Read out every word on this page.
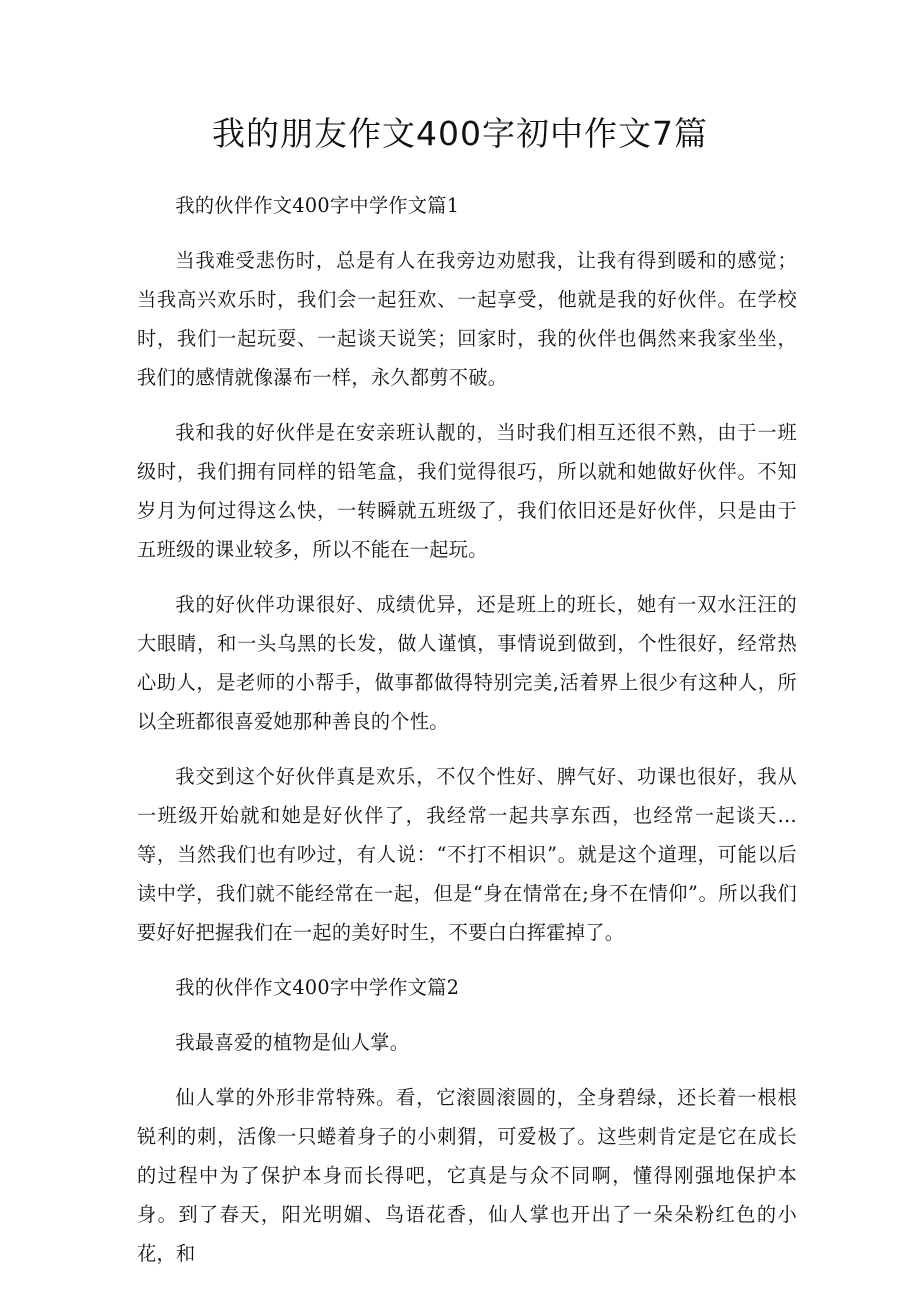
我的朋友作文400字初中作文7篇

我的伙伴作文400字中学作文篇1

当我难受悲伤时，总是有人在我旁边劝慰我，让我有得到暖和的感觉；当我高兴欢乐时，我们会一起狂欢、一起享受，他就是我的好伙伴。在学校时，我们一起玩耍、一起谈天说笑；回家时，我的伙伴也偶然来我家坐坐，我们的感情就像瀑布一样，永久都剪不破。

我和我的好伙伴是在安亲班认靓的，当时我们相互还很不熟，由于一班级时，我们拥有同样的铅笔盒，我们觉得很巧，所以就和她做好伙伴。不知岁月为何过得这么快，一转瞬就五班级了，我们依旧还是好伙伴，只是由于五班级的课业较多，所以不能在一起玩。

我的好伙伴功课很好、成绩优异，还是班上的班长，她有一双水汪汪的大眼睛，和一头乌黑的长发，做人谨慎，事情说到做到，个性很好，经常热心助人，是老师的小帮手，做事都做得特别完美,活着界上很少有这种人，所以全班都很喜爱她那种善良的个性。

我交到这个好伙伴真是欢乐，不仅个性好、脾气好、功课也很好，我从一班级开始就和她是好伙伴了，我经常一起共享东西，也经常一起谈天…等，当然我们也有吵过，有人说：“不打不相识”。就是这个道理，可能以后读中学，我们就不能经常在一起，但是“身在情常在;身不在情仰”。所以我们要好好把握我们在一起的美好时生，不要白白挥霍掉了。

我的伙伴作文400字中学作文篇2

我最喜爱的植物是仙人掌。

仙人掌的外形非常特殊。看，它滚圆滚圆的，全身碧绿，还长着一根根锐利的刺，活像一只蜷着身子的小刺猬，可爱极了。这些刺肯定是它在成长的过程中为了保护本身而长得吧，它真是与众不同啊，懂得刚强地保护本身。到了春天，阳光明媚、鸟语花香，仙人掌也开出了一朵朵粉红色的小花，和
